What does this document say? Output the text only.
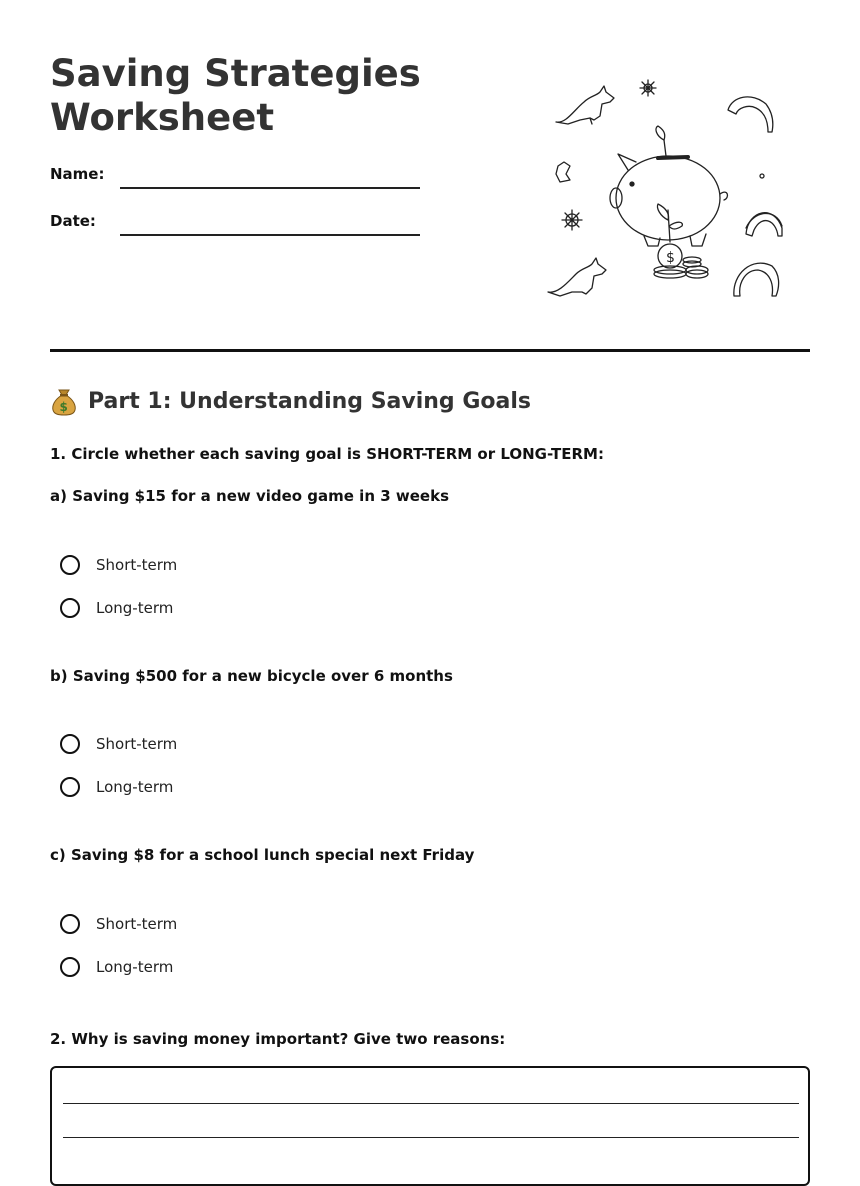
Saving Strategies Worksheet
Name:
Date:
$
$ Part 1: Understanding Saving Goals
1. Circle whether each saving goal is SHORT-TERM or LONG-TERM:
a) Saving $15 for a new video game in 3 weeks
Short-term
Long-term
b) Saving $500 for a new bicycle over 6 months
Short-term
Long-term
c) Saving $8 for a school lunch special next Friday
Short-term
Long-term
2. Why is saving money important? Give two reasons:
